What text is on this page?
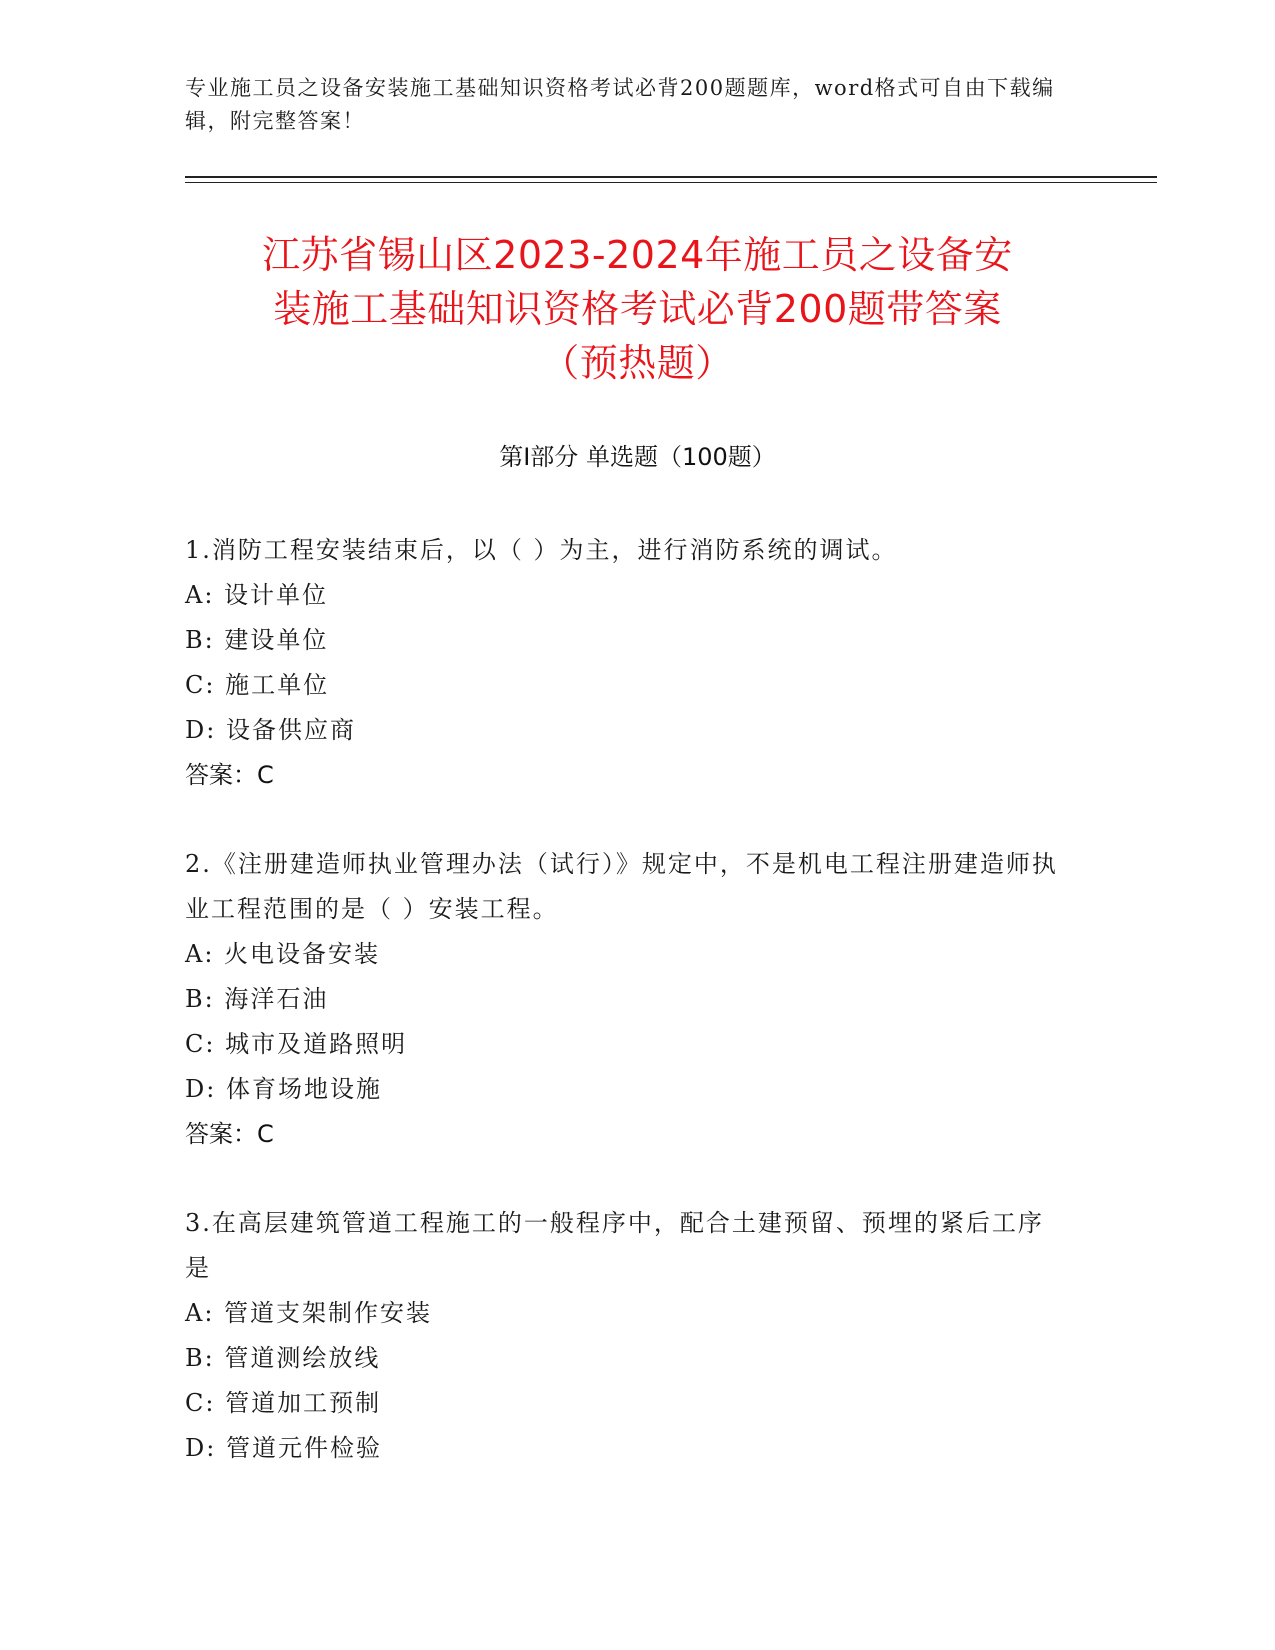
专业施工员之设备安装施工基础知识资格考试必背200题题库，word格式可自由下载编辑，附完整答案！
江苏省锡山区2023-2024年施工员之设备安
装施工基础知识资格考试必背200题带答案
（预热题）
第I部分 单选题（100题）
1.消防工程安装结束后，以（ ）为主，进行消防系统的调试。
A: 设计单位
B: 建设单位
C: 施工单位
D: 设备供应商
答案：C
2.《注册建造师执业管理办法（试行）》规定中，不是机电工程注册建造师执业工程范围的是（ ）安装工程。
A: 火电设备安装
B: 海洋石油
C: 城市及道路照明
D: 体育场地设施
答案：C
3.在高层建筑管道工程施工的一般程序中，配合土建预留、预埋的紧后工序是
A: 管道支架制作安装
B: 管道测绘放线
C: 管道加工预制
D: 管道元件检验
